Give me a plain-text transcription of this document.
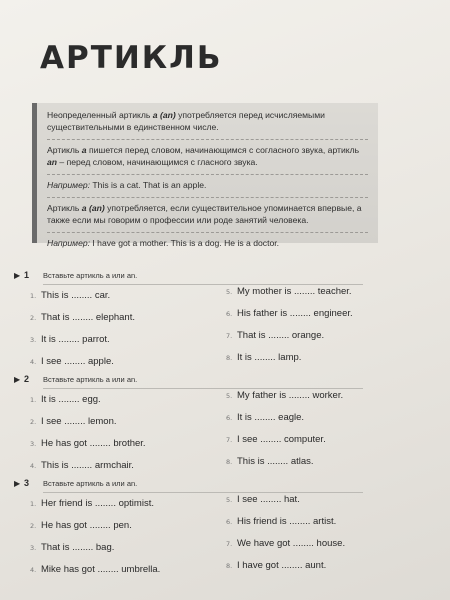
АРТИКЛЬ

Неопределенный артикль a (an) употребляется перед исчисляемыми существительными в единственном числе.

Артикль a пишется перед словом, начинающимся с согласного звука, артикль an – перед словом, начинающимся с гласного звука.

Например: This is a cat. That is an apple.

Артикль a (an) употребляется, если существительное упоминается впервые, а также если мы говорим о профессии или роде занятий человека.

Например: I have got a mother. This is a dog. He is a doctor.

▶ 1 Вставьте артикль a или an.
1. This is ........ car.
2. That is ........ elephant.
3. It is ........ parrot.
4. I see ........ apple.
5. My mother is ........ teacher.
6. His father is ........ engineer.
7. That is ........ orange.
8. It is ........ lamp.
▶ 2 Вставьте артикль a или an.
1. It is ........ egg.
2. I see ........ lemon.
3. He has got ........ brother.
4. This is ........ armchair.
5. My father is ........ worker.
6. It is ........ eagle.
7. I see ........ computer.
8. This is ........ atlas.
▶ 3 Вставьте артикль a или an.
1. Her friend is ........ optimist.
2. He has got ........ pen.
3. That is ........ bag.
4. Mike has got ........ umbrella.
5. I see ........ hat.
6. His friend is ........ artist.
7. We have got ........ house.
8. I have got ........ aunt.
